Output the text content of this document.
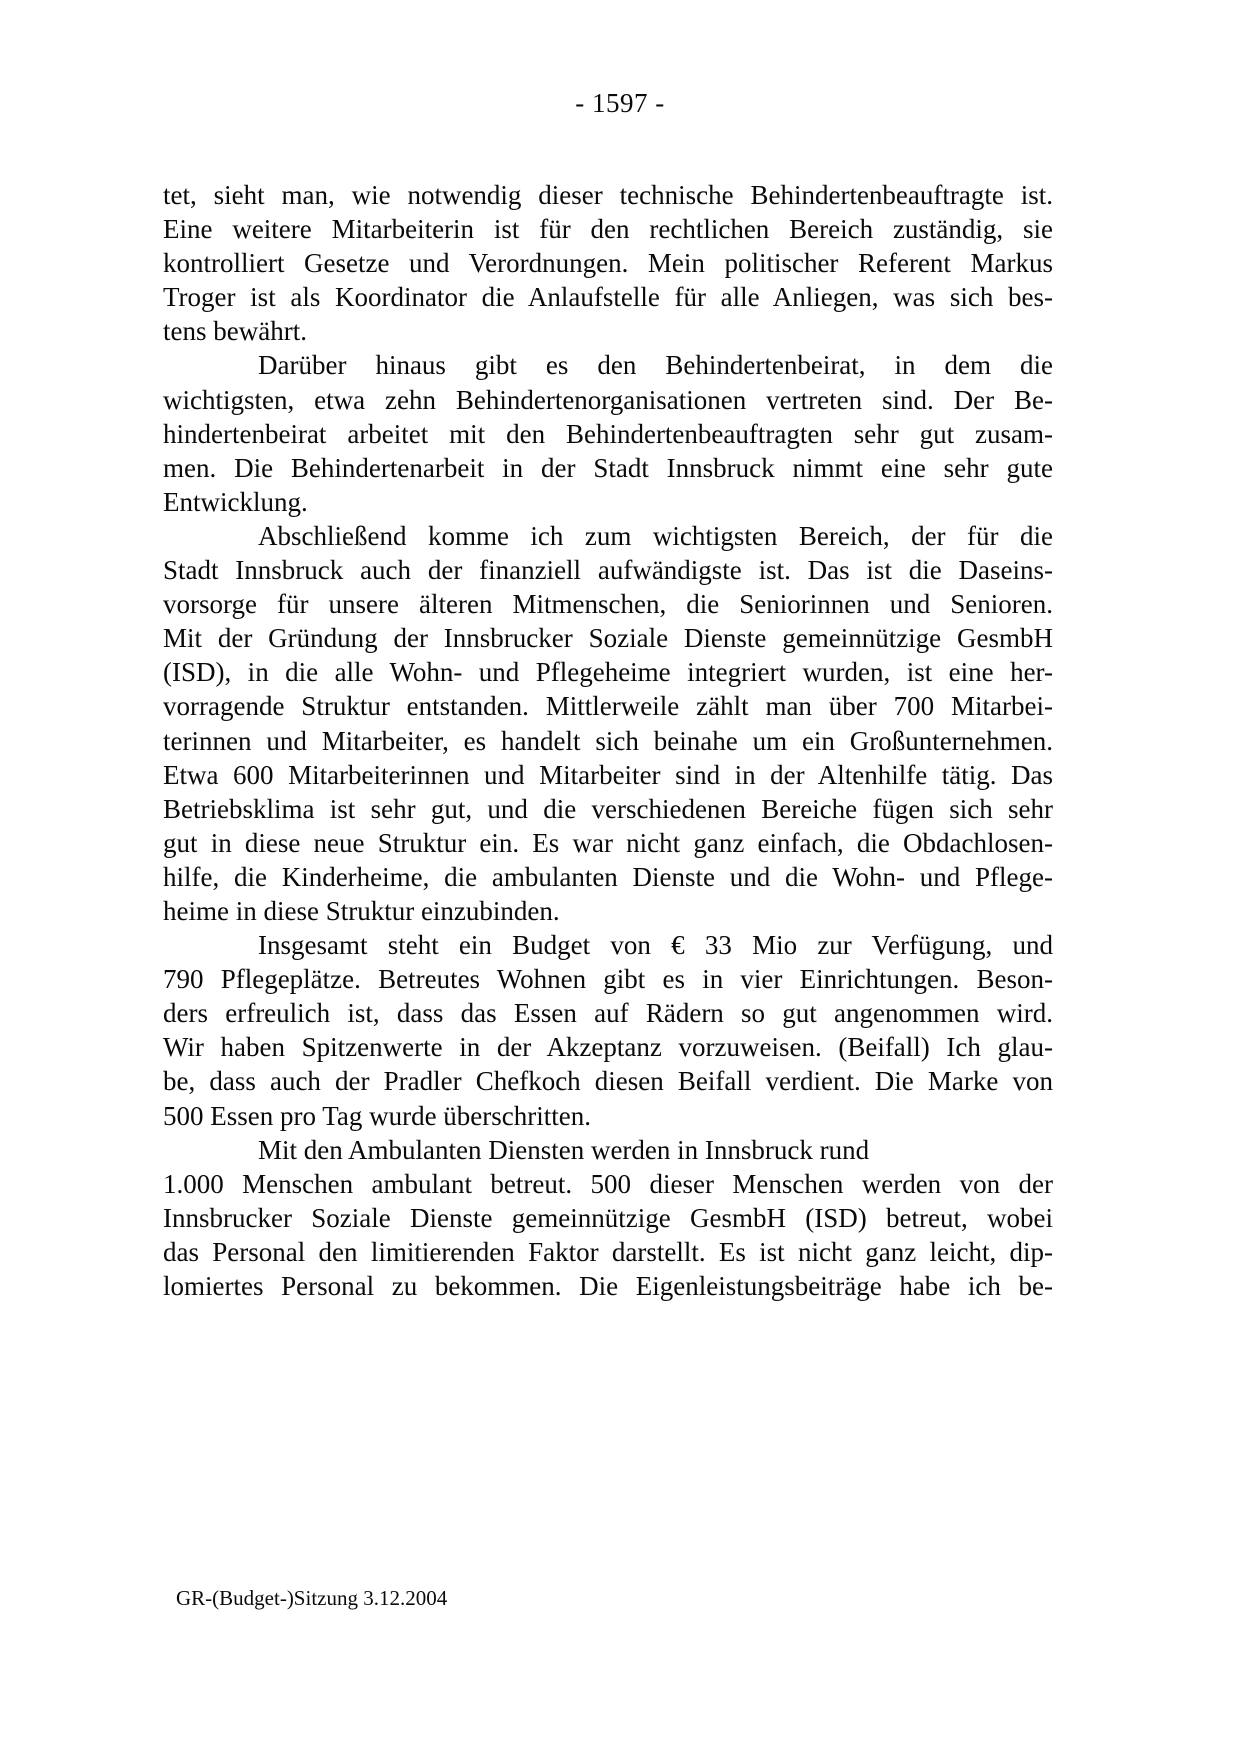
- 1597 -
tet, sieht man, wie notwendig dieser technische Behindertenbeauftragte ist.
Eine weitere Mitarbeiterin ist für den rechtlichen Bereich zuständig, sie
kontrolliert Gesetze und Verordnungen. Mein politischer Referent Markus
Troger ist als Koordinator die Anlaufstelle für alle Anliegen, was sich bes-
tens bewährt.
Darüber hinaus gibt es den Behindertenbeirat, in dem die
wichtigsten, etwa zehn Behindertenorganisationen vertreten sind. Der Be-
hindertenbeirat arbeitet mit den Behindertenbeauftragten sehr gut zusam-
men. Die Behindertenarbeit in der Stadt Innsbruck nimmt eine sehr gute
Entwicklung.
Abschließend komme ich zum wichtigsten Bereich, der für die
Stadt Innsbruck auch der finanziell aufwändigste ist. Das ist die Daseins-
vorsorge für unsere älteren Mitmenschen, die Seniorinnen und Senioren.
Mit der Gründung der Innsbrucker Soziale Dienste gemeinnützige GesmbH
(ISD), in die alle Wohn- und Pflegeheime integriert wurden, ist eine her-
vorragende Struktur entstanden. Mittlerweile zählt man über 700 Mitarbei-
terinnen und Mitarbeiter, es handelt sich beinahe um ein Großunternehmen.
Etwa 600 Mitarbeiterinnen und Mitarbeiter sind in der Altenhilfe tätig. Das
Betriebsklima ist sehr gut, und die verschiedenen Bereiche fügen sich sehr
gut in diese neue Struktur ein. Es war nicht ganz einfach, die Obdachlosen-
hilfe, die Kinderheime, die ambulanten Dienste und die Wohn- und Pflege-
heime in diese Struktur einzubinden.
Insgesamt steht ein Budget von € 33 Mio zur Verfügung, und
790 Pflegeplätze. Betreutes Wohnen gibt es in vier Einrichtungen. Beson-
ders erfreulich ist, dass das Essen auf Rädern so gut angenommen wird.
Wir haben Spitzenwerte in der Akzeptanz vorzuweisen. (Beifall) Ich glau-
be, dass auch der Pradler Chefkoch diesen Beifall verdient. Die Marke von
500 Essen pro Tag wurde überschritten.
Mit den Ambulanten Diensten werden in Innsbruck rund
1.000 Menschen ambulant betreut. 500 dieser Menschen werden von der
Innsbrucker Soziale Dienste gemeinnützige GesmbH (ISD) betreut, wobei
das Personal den limitierenden Faktor darstellt. Es ist nicht ganz leicht, dip-
lomiertes Personal zu bekommen. Die Eigenleistungsbeiträge habe ich be-
GR-(Budget-)Sitzung 3.12.2004
